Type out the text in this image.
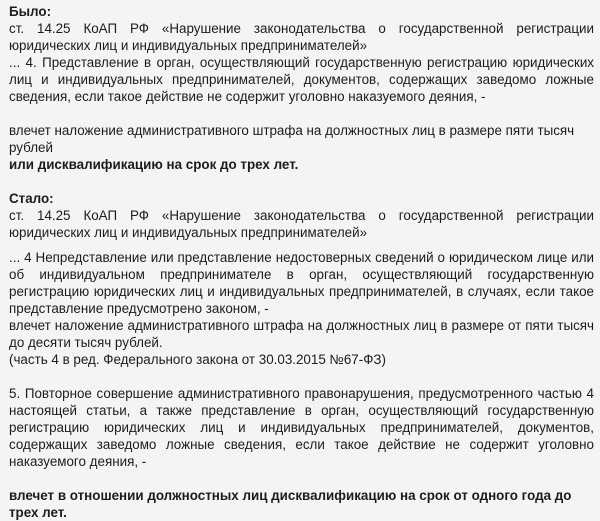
Было:

ст. 14.25 КоАП РФ «Нарушение законодательства о государственной регистрации юридических лиц и индивидуальных предпринимателей»

... 4. Представление в орган, осуществляющий государственную регистрацию юридических лиц и индивидуальных предпринимателей, документов, содержащих заведомо ложные сведения, если такое действие не содержит уголовно наказуемого деяния, -

влечет наложение административного штрафа на должностных лиц в размере пяти тысяч рублей
или дисквалификацию на срок до трех лет.

Стало:

ст. 14.25 КоАП РФ «Нарушение законодательства о государственной регистрации юридических лиц и индивидуальных предпринимателей»

... 4 Непредставление или представление недостоверных сведений о юридическом лице или об индивидуальном предпринимателе в орган, осуществляющий государственную регистрацию юридических лиц и индивидуальных предпринимателей, в случаях, если такое представление предусмотрено законом, -

влечет наложение административного штрафа на должностных лиц в размере от пяти тысяч до десяти тысяч рублей.

(часть 4 в ред. Федерального закона от 30.03.2015 №67-ФЗ)

5. Повторное совершение административного правонарушения, предусмотренного частью 4 настоящей статьи, а также представление в орган, осуществляющий государственную регистрацию юридических лиц и индивидуальных предпринимателей, документов, содержащих заведомо ложные сведения, если такое действие не содержит уголовно наказуемого деяния, -

влечет в отношении должностных лиц дисквалификацию на срок от одного года до трех лет.
